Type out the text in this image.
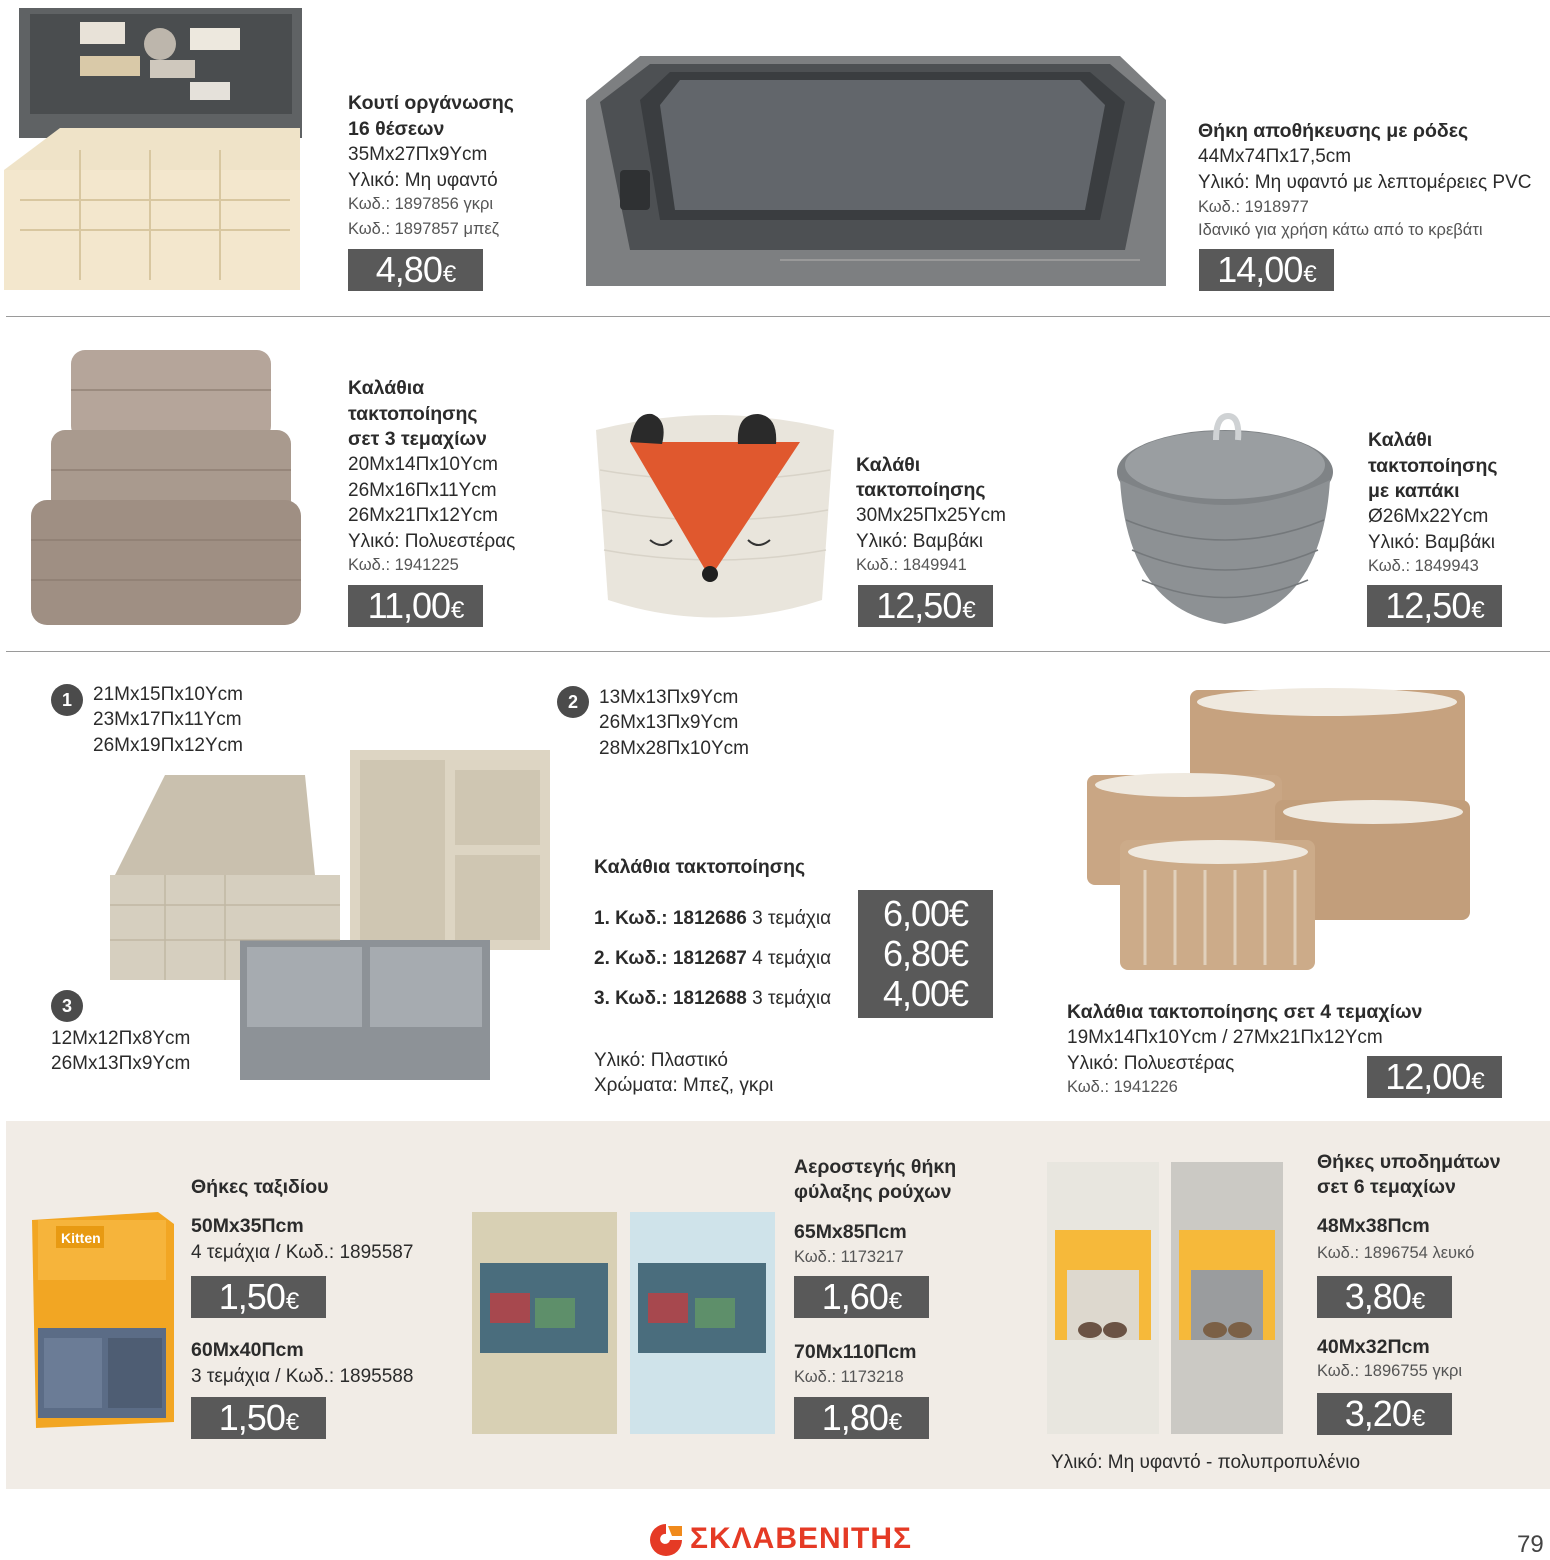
Κουτί οργάνωσης
16 θέσεων
35Mx27Πx9Ycm
Υλικό: Μη υφαντό
Κωδ.: 1897856 γκρι
Κωδ.: 1897857 μπεζ
4,80€
Θήκη αποθήκευσης με ρόδες
44Mx74Πx17,5cm
Υλικό: Μη υφαντό με λεπτομέρειες PVC
Κωδ.: 1918977
Ιδανικό για χρήση κάτω από το κρεβάτι
14,00€
Καλάθια
τακτοποίησης
σετ 3 τεμαχίων
20Mx14Πx10Ycm
26Mx16Πx11Ycm
26Mx21Πx12Ycm
Υλικό: Πολυεστέρας
Κωδ.: 1941225
11,00€
Καλάθι
τακτοποίησης
30Mx25Πx25Ycm
Υλικό: Βαμβάκι
Κωδ.: 1849941
12,50€
Καλάθι
τακτοποίησης
με καπάκι
Ø26Mx22Ycm
Υλικό: Βαμβάκι
Κωδ.: 1849943
12,50€
1	21Mx15Πx10Ycm
23Mx17Πx11Ycm
26Mx19Πx12Ycm
2	13Mx13Πx9Ycm
26Mx13Πx9Ycm
28Mx28Πx10Ycm
3
12Mx12Πx8Ycm
26Mx13Πx9Ycm
Καλάθια τακτοποίησης
1. Κωδ.: 1812686 3 τεμάχια
2. Κωδ.: 1812687 4 τεμάχια
3. Κωδ.: 1812688 3 τεμάχια
6,00€
6,80€
4,00€
Υλικό: Πλαστικό
Χρώματα: Μπεζ, γκρι
Καλάθια τακτοποίησης σετ 4 τεμαχίων
19Mx14Πx10Ycm / 27Mx21Πx12Ycm
Υλικό: Πολυεστέρας
Κωδ.: 1941226	12,00€
Kitten
Θήκες ταξιδίου
50Mx35Πcm
4 τεμάχια / Κωδ.: 1895587
1,50€
60Mx40Πcm
3 τεμάχια / Κωδ.: 1895588
1,50€
Αεροστεγής θήκη
φύλαξης ρούχων
65Mx85Πcm
Κωδ.: 1173217
1,60€
70Mx110Πcm
Κωδ.: 1173218
1,80€
Θήκες υποδημάτων
σετ 6 τεμαχίων
48Mx38Πcm
Κωδ.: 1896754 λευκό
3,80€
40Mx32Πcm
Κωδ.: 1896755 γκρι
3,20€
Υλικό: Μη υφαντό - πολυπροπυλένιο
ΣΚΛΑΒΕΝΙΤΗΣ	79
